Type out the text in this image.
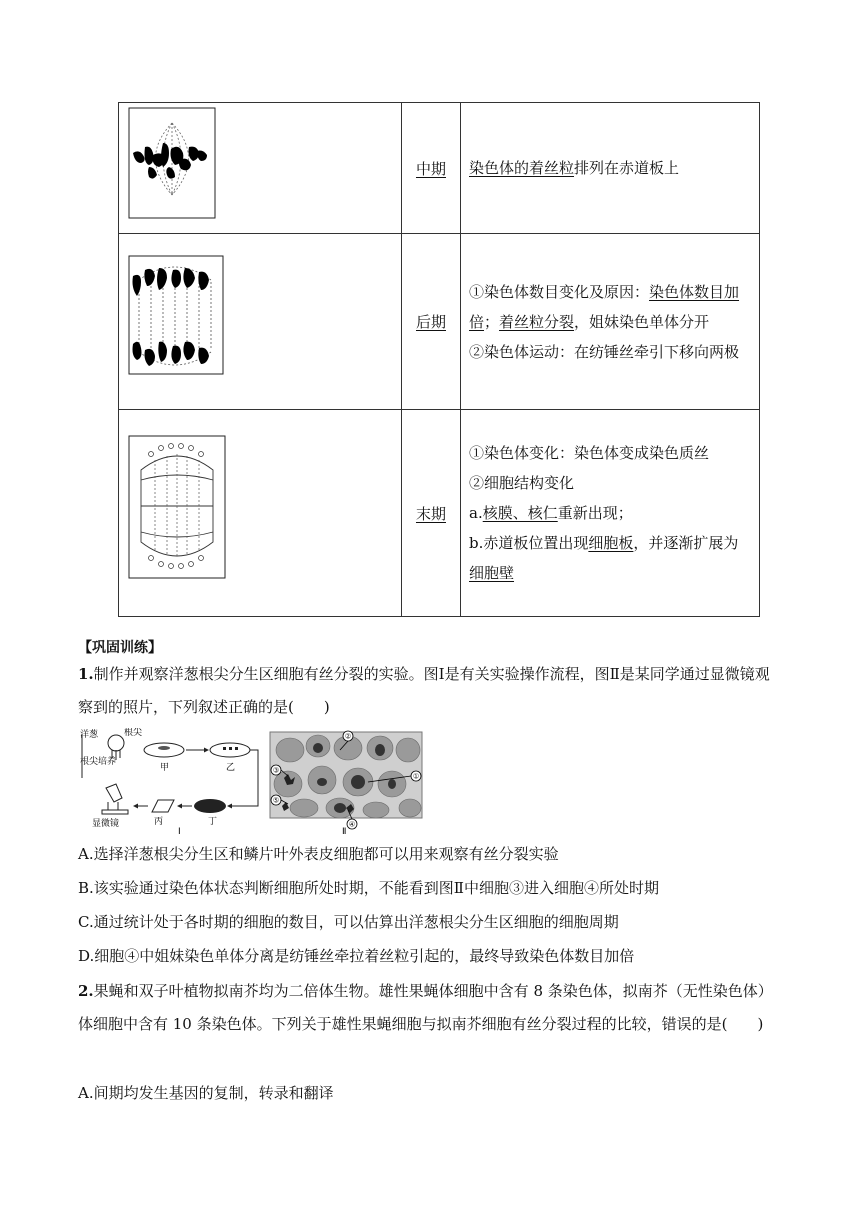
	中期	染色体的着丝粒排列在赤道板上

	后期	①染色体数目变化及原因：染色体数目加倍；着丝粒分裂，姐妹染色单体分开
②染色体运动：在纺锤丝牵引下移向两极

	末期	①染色体变化：染色体变成染色质丝
②细胞结构变化
a.核膜、核仁重新出现；
b.赤道板位置出现细胞板，并逐渐扩展为细胞壁
【巩固训练】
1.制作并观察洋葱根尖分生区细胞有丝分裂的实验。图Ⅰ是有关实验操作流程，图Ⅱ是某同学通过显微镜观察到的照片，下列叙述正确的是(　　)
洋葱	根尖
根尖培养
甲	乙
丁
丙
显微镜
Ⅰ
②
③
⑤
①
④
Ⅱ
A.选择洋葱根尖分生区和鳞片叶外表皮细胞都可以用来观察有丝分裂实验
B.该实验通过染色体状态判断细胞所处时期，不能看到图Ⅱ中细胞③进入细胞④所处时期
C.通过统计处于各时期的细胞的数目，可以估算出洋葱根尖分生区细胞的细胞周期
D.细胞④中姐妹染色单体分离是纺锤丝牵拉着丝粒引起的，最终导致染色体数目加倍
2.果蝇和双子叶植物拟南芥均为二倍体生物。雄性果蝇体细胞中含有 8 条染色体，拟南芥（无性染色体）体细胞中含有 10 条染色体。下列关于雄性果蝇细胞与拟南芥细胞有丝分裂过程的比较，错误的是(　　)
A.间期均发生基因的复制，转录和翻译
